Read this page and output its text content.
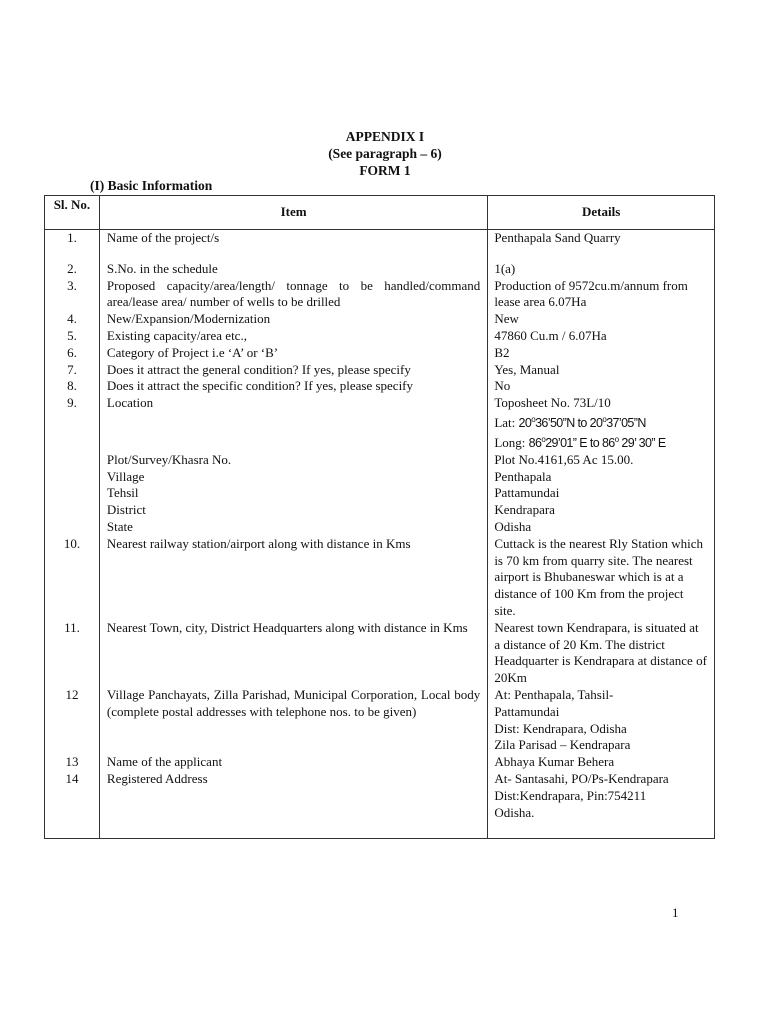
APPENDIX I
(See paragraph – 6)
FORM 1
(I) Basic Information
Sl. No.	Item	Details
1.	Name of the project/s	Penthapala Sand Quarry

2.	S.No. in the schedule	1(a)
3.	Proposed capacity/area/length/ tonnage to be handled/command area/lease area/ number of wells to be drilled	Production of 9572cu.m/annum from
lease area 6.07Ha
4.	New/Expansion/Modernization	New
5.	Existing capacity/area etc.,	47860 Cu.m / 6.07Ha
6.	Category of Project i.e ‘A’ or ‘B’	B2
7.	Does it attract the general condition? If yes, please specify	Yes, Manual
8.	Does it attract the specific condition? If yes, please specify	No
9.	Location	Toposheet No. 73L/10
Lat: 20$^o$36’50”N to 20$^o$37’05”N
Long: 86$^o$29’01” E to 86$^o$ 29’ 30” E

	Plot/Survey/Khasra No.	Plot No.4161,65 Ac 15.00.
	Village	Penthapala
	Tehsil	Pattamundai
	District	Kendrapara
	State	Odisha
10.	Nearest railway station/airport along with distance in Kms	Cuttack is the nearest Rly Station which is 70 km from quarry site. The nearest airport is Bhubaneswar which is at a distance of 100 Km from the project site.
11.	Nearest Town, city, District Headquarters along with distance in Kms	Nearest town Kendrapara, is situated at a distance of 20 Km. The district Headquarter is Kendrapara at distance of 20Km
12	Village Panchayats, Zilla Parishad, Municipal Corporation, Local body (complete postal addresses with telephone nos. to be given)	At: Penthapala, Tahsil-
Pattamundai
Dist: Kendrapara, Odisha
Zila Parisad – Kendrapara
13	Name of the applicant	Abhaya Kumar Behera
14	Registered Address	At- Santasahi, PO/Ps-Kendrapara
Dist:Kendrapara, Pin:754211
Odisha.
1
